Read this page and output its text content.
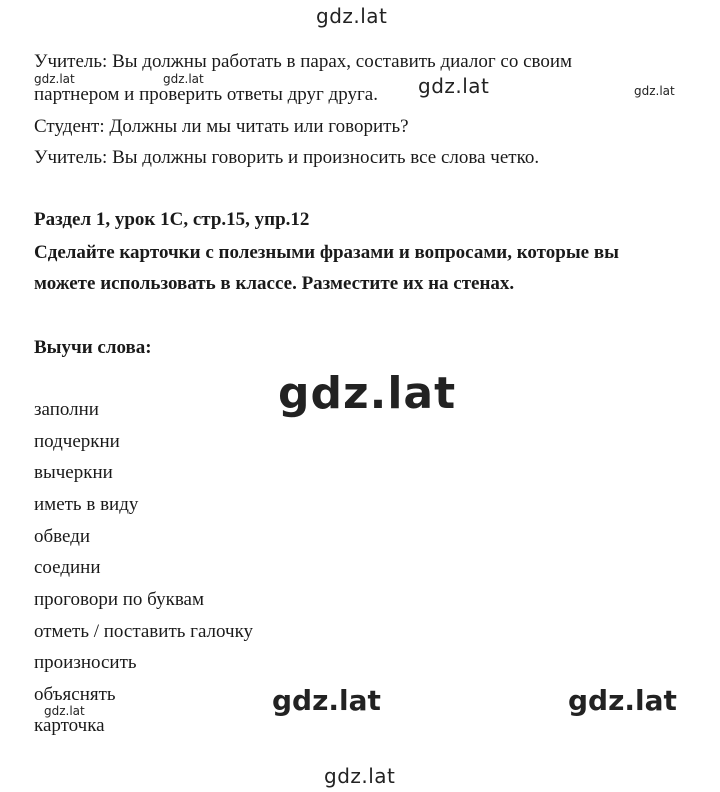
gdz.lat
gdz.lat	gdz.lat	gdz.lat	gdz.lat
gdz.lat
gdz.lat	gdz.lat
gdz.lat
gdz.lat
Учитель: Вы должны работать в парах, составить диалог со своим
партнером и проверить ответы друг друга.
Студент: Должны ли мы читать или говорить?
Учитель: Вы должны говорить и произносить все слова четко.
Раздел 1, урок 1C, стр.15, упр.12
Сделайте карточки с полезными фразами и вопросами, которые вы
можете использовать в классе. Разместите их на стенах.
Выучи слова:
заполни
подчеркни
вычеркни
иметь в виду
обведи
соедини
проговори по буквам
отметь / поставить галочку
произносить
объяснять
карточка
